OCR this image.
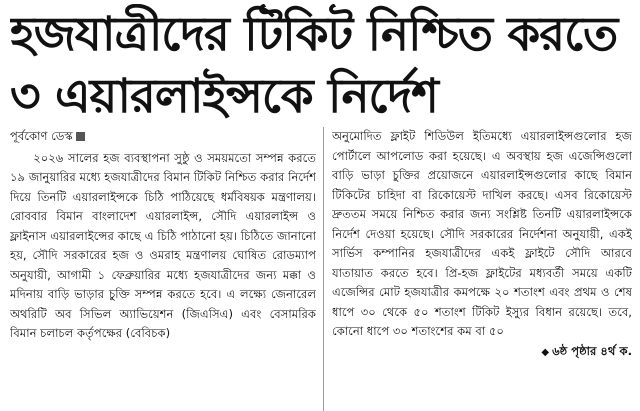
হজযাত্রীদের টিকিট নিশ্চিত করতে
৩ এয়ারলাইন্সকে নির্দেশ
পূর্বকোণ ডেস্ক

২০২৬ সালের হজ ব্যবস্থাপনা সুষ্ঠু ও সময়মতো সম্পন্ন করতে ১৯ জানুয়ারির মধ্যে হজযাত্রীদের বিমান টিকিট নিশ্চিত করার নির্দেশ দিয়ে তিনটি এয়ারলাইন্সকে চিঠি পাঠিয়েছে ধর্মবিষয়ক মন্ত্রণালয়। রোববার বিমান বাংলাদেশ এয়ারলাইন্স, সৌদি এয়ারলাইন্স ও ফ্লাইনাস এয়ারলাইন্সের কাছে এ চিঠি পাঠানো হয়। চিঠিতে জানানো হয়, সৌদি সরকারের হজ ও ওমরাহ মন্ত্রণালয় ঘোষিত রোডম্যাপ অনুযায়ী, আগামী ১ ফেব্রুয়ারির মধ্যে হজযাত্রীদের জন্য মক্কা ও মদিনায় বাড়ি ভাড়ার চুক্তি সম্পন্ন করতে হবে। এ লক্ষ্যে জেনারেল অথরিটি অব সিভিল অ্যাভিয়েশন (জিএসিএ) এবং বেসামরিক বিমান চলাচল কর্তৃপক্ষের (বেবিচক)

অনুমোদিত ফ্লাইট শিডিউল ইতিমধ্যে এয়ারলাইন্সগুলোর হজ পোর্টালে আপলোড করা হয়েছে। এ অবস্থায় হজ এজেন্সিগুলো বাড়ি ভাড়া চুক্তির প্রয়োজনে এয়ারলাইন্সগুলোর কাছে বিমান টিকিটের চাহিদা বা রিকোয়েস্ট দাখিল করছে। এসব রিকোয়েস্ট দ্রুততম সময়ে নিশ্চিত করার জন্য সংশ্লিষ্ট তিনটি এয়ারলাইন্সকে নির্দেশ দেওয়া হয়েছে। সৌদি সরকারের নির্দেশনা অনুযায়ী, একই সার্ভিস কম্পানির হজযাত্রীদের একই ফ্লাইটে সৌদি আরবে যাতায়াত করতে হবে। প্রি-হজ ফ্লাইটের মধ্যবর্তী সময়ে একটি এজেন্সির মোট হজযাত্রীর কমপক্ষে ২০ শতাংশ এবং প্রথম ও শেষ ধাপে ৩০ থেকে ৫০ শতাংশ টিকিট ইস্যুর বিধান রয়েছে। তবে, কোনো ধাপে ৩০ শতাংশের কম বা ৫০

◆ ৬ষ্ঠ পৃষ্ঠার ৪র্থ ক.
